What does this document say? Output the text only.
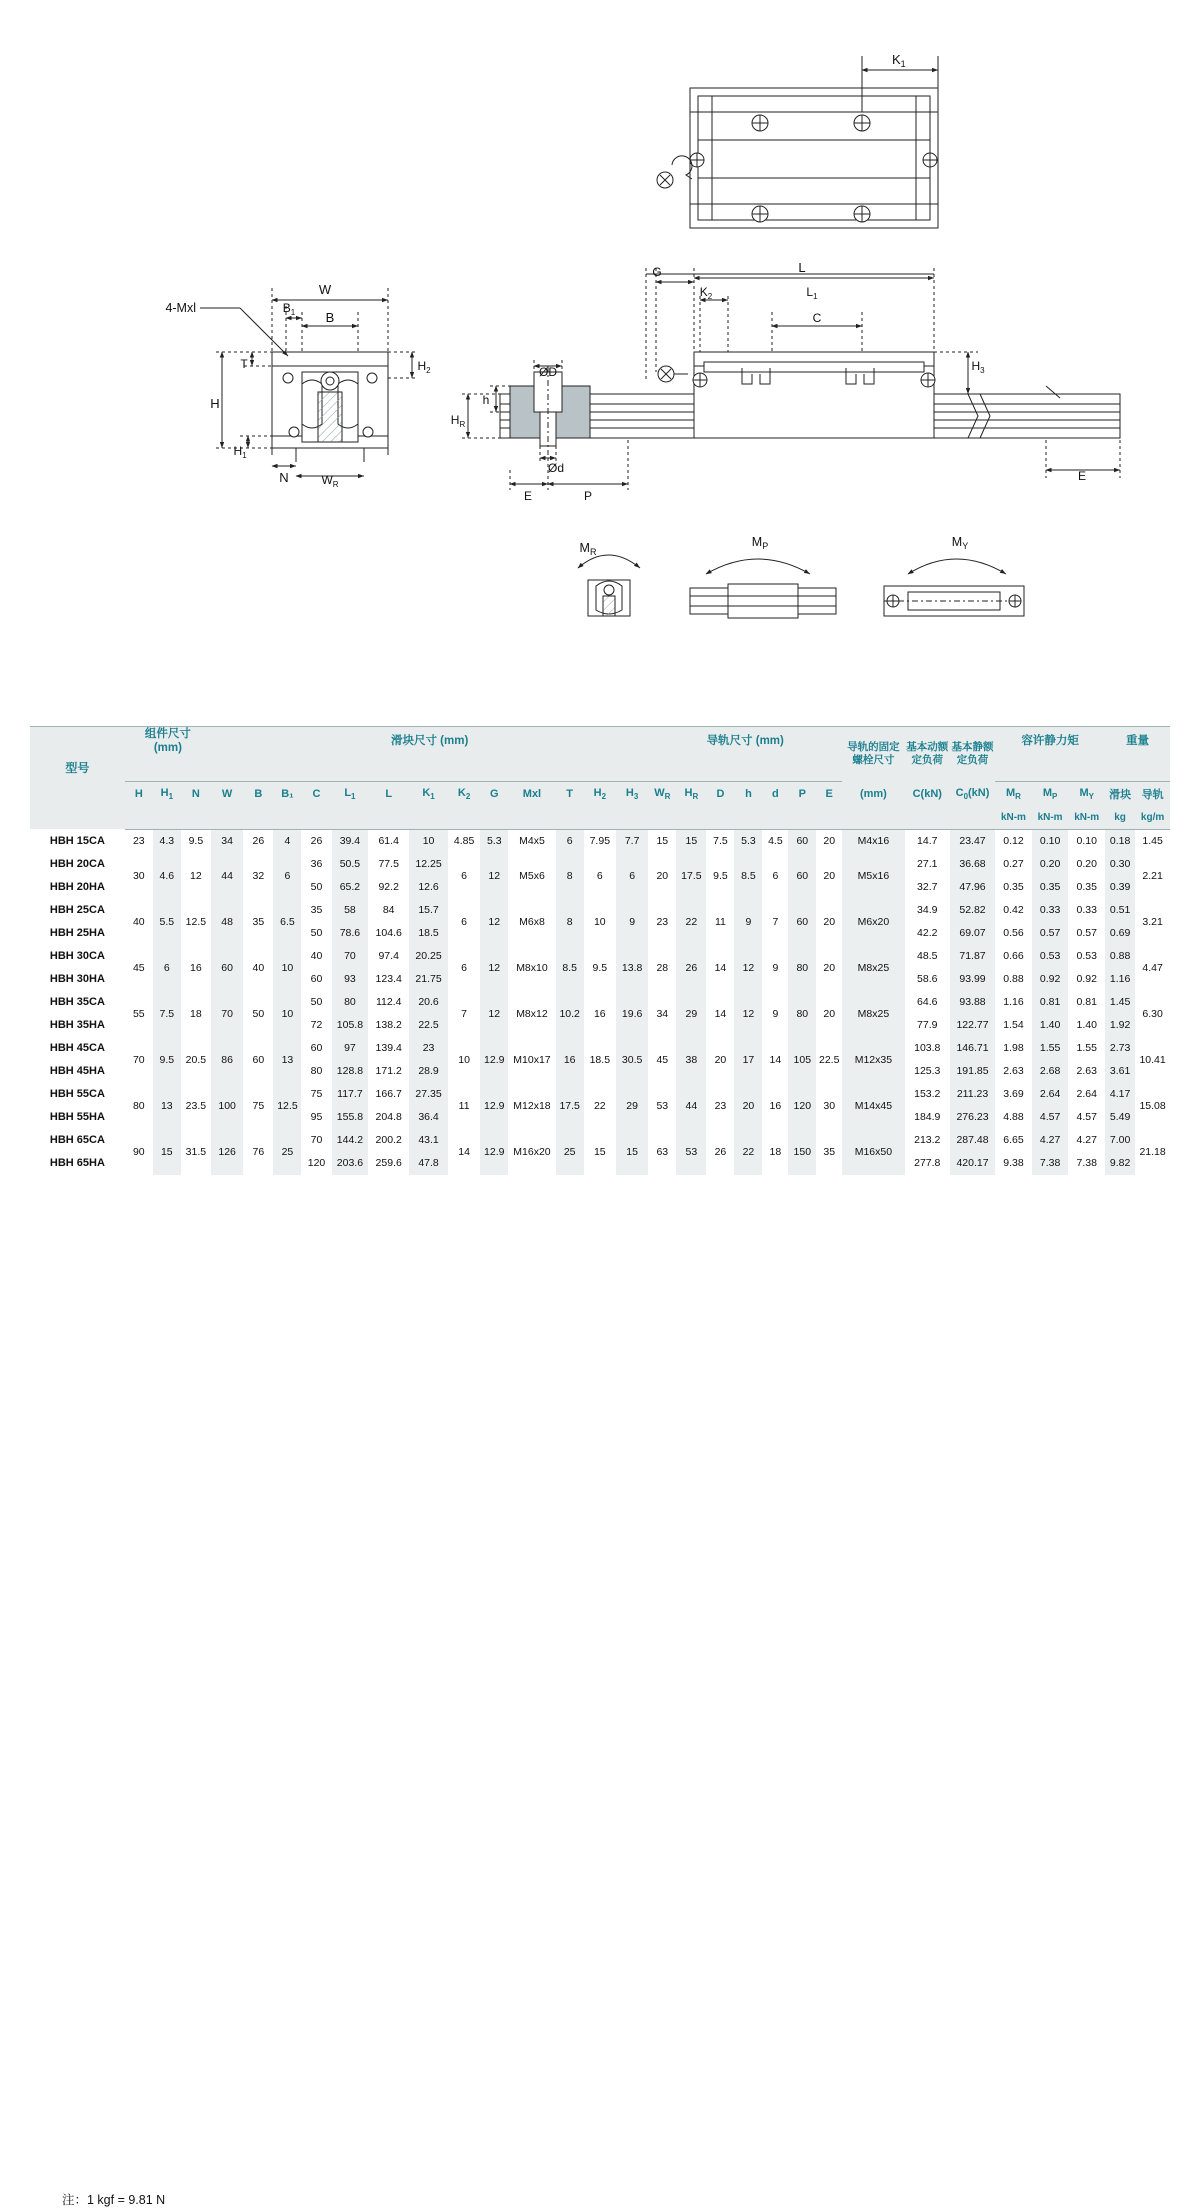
$K_1$
W
$B_1$ B
H
$H_1$
T	$H_2$
N	$W_R$
4-Mxl
G	L
$L_1$
$K_2$
C
$H_3$
ØD
Ød
h
$H_R$
E	P
E
$M_R$
$M_P$	$M_Y$
型号	组件尺寸
(mm)			滑块尺寸 (mm)													导轨尺寸 (mm)							导轨的固定螺栓尺寸	基本动额定负荷	基本静额定负荷	容许静力矩			重量	

	H	$H_1$	N	W	B	B₁	C	$L_1$	L	$K_1$	$K_2$	G	Mxl	T	$H_2$	$H_3$	$W_R$	$H_R$	D	h	d	P	E	(mm)	C(kN)	$C_0(kN)$	$M_R$	$M_P$	$M_Y$	滑块	导轨
																											kN-m	kN-m	kN-m	kg	kg/m
HBH 15CA	23	4.3	9.5	34	26	4	26	39.4	61.4	10	4.85	5.3	M4x5	6	7.95	7.7	15	15	7.5	5.3	4.5	60	20	M4x16	14.7	23.47	0.12	0.10	0.10	0.18	1.45
HBH 20CA	30	4.6	12	44	32	6	36	50.5	77.5	12.25	6	12	M5x6	8	6	6	20	17.5	9.5	8.5	6	60	20	M5x16	27.1	36.68	0.27	0.20	0.20	0.30	2.21
HBH 20HA							50	65.2	92.2	12.6															32.7	47.96	0.35	0.35	0.35	0.39	
HBH 25CA	40	5.5	12.5	48	35	6.5	35	58	84	15.7	6	12	M6x8	8	10	9	23	22	11	9	7	60	20	M6x20	34.9	52.82	0.42	0.33	0.33	0.51	3.21
HBH 25HA							50	78.6	104.6	18.5															42.2	69.07	0.56	0.57	0.57	0.69	
HBH 30CA	45	6	16	60	40	10	40	70	97.4	20.25	6	12	M8x10	8.5	9.5	13.8	28	26	14	12	9	80	20	M8x25	48.5	71.87	0.66	0.53	0.53	0.88	4.47
HBH 30HA							60	93	123.4	21.75															58.6	93.99	0.88	0.92	0.92	1.16	
HBH 35CA	55	7.5	18	70	50	10	50	80	112.4	20.6	7	12	M8x12	10.2	16	19.6	34	29	14	12	9	80	20	M8x25	64.6	93.88	1.16	0.81	0.81	1.45	6.30
HBH 35HA							72	105.8	138.2	22.5															77.9	122.77	1.54	1.40	1.40	1.92	
HBH 45CA	70	9.5	20.5	86	60	13	60	97	139.4	23	10	12.9	M10x17	16	18.5	30.5	45	38	20	17	14	105	22.5	M12x35	103.8	146.71	1.98	1.55	1.55	2.73	10.41
HBH 45HA							80	128.8	171.2	28.9															125.3	191.85	2.63	2.68	2.63	3.61	
HBH 55CA	80	13	23.5	100	75	12.5	75	117.7	166.7	27.35	11	12.9	M12x18	17.5	22	29	53	44	23	20	16	120	30	M14x45	153.2	211.23	3.69	2.64	2.64	4.17	15.08
HBH 55HA							95	155.8	204.8	36.4															184.9	276.23	4.88	4.57	4.57	5.49	
HBH 65CA	90	15	31.5	126	76	25	70	144.2	200.2	43.1	14	12.9	M16x20	25	15	15	63	53	26	22	18	150	35	M16x50	213.2	287.48	6.65	4.27	4.27	7.00	21.18
HBH 65HA							120	203.6	259.6	47.8															277.8	420.17	9.38	7.38	7.38	9.82	
注：1 kgf = 9.81 N
